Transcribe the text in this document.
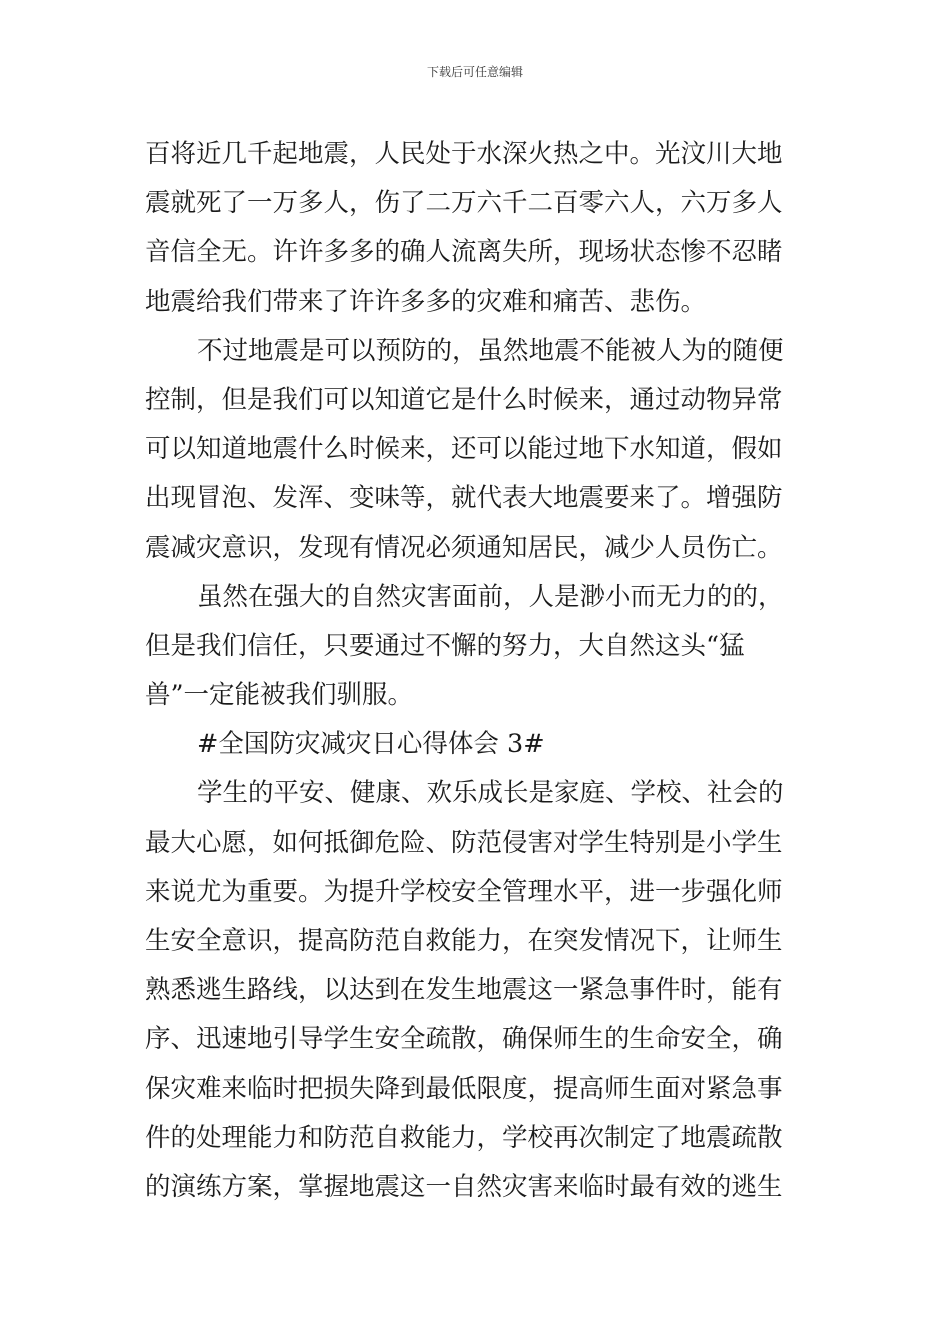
下载后可任意编辑
百将近几千起地震，人民处于水深火热之中。光汶川大地
震就死了一万多人，伤了二万六千二百零六人，六万多人
音信全无。许许多多的确人流离失所，现场状态惨不忍睹
地震给我们带来了许许多多的灾难和痛苦、悲伤。
不过地震是可以预防的，虽然地震不能被人为的随便
控制，但是我们可以知道它是什么时候来，通过动物异常
可以知道地震什么时候来，还可以能过地下水知道，假如
出现冒泡、发浑、变味等，就代表大地震要来了。增强防
震减灾意识，发现有情况必须通知居民，减少人员伤亡。
虽然在强大的自然灾害面前，人是渺小而无力的的，
但是我们信任，只要通过不懈的努力，大自然这头“猛
兽”一定能被我们驯服。
#全国防灾减灾日心得体会 3#
学生的平安、健康、欢乐成长是家庭、学校、社会的
最大心愿，如何抵御危险、防范侵害对学生特别是小学生
来说尤为重要。为提升学校安全管理水平，进一步强化师
生安全意识，提高防范自救能力，在突发情况下，让师生
熟悉逃生路线，以达到在发生地震这一紧急事件时，能有
序、迅速地引导学生安全疏散，确保师生的生命安全，确
保灾难来临时把损失降到最低限度，提高师生面对紧急事
件的处理能力和防范自救能力，学校再次制定了地震疏散
的演练方案，掌握地震这一自然灾害来临时最有效的逃生
